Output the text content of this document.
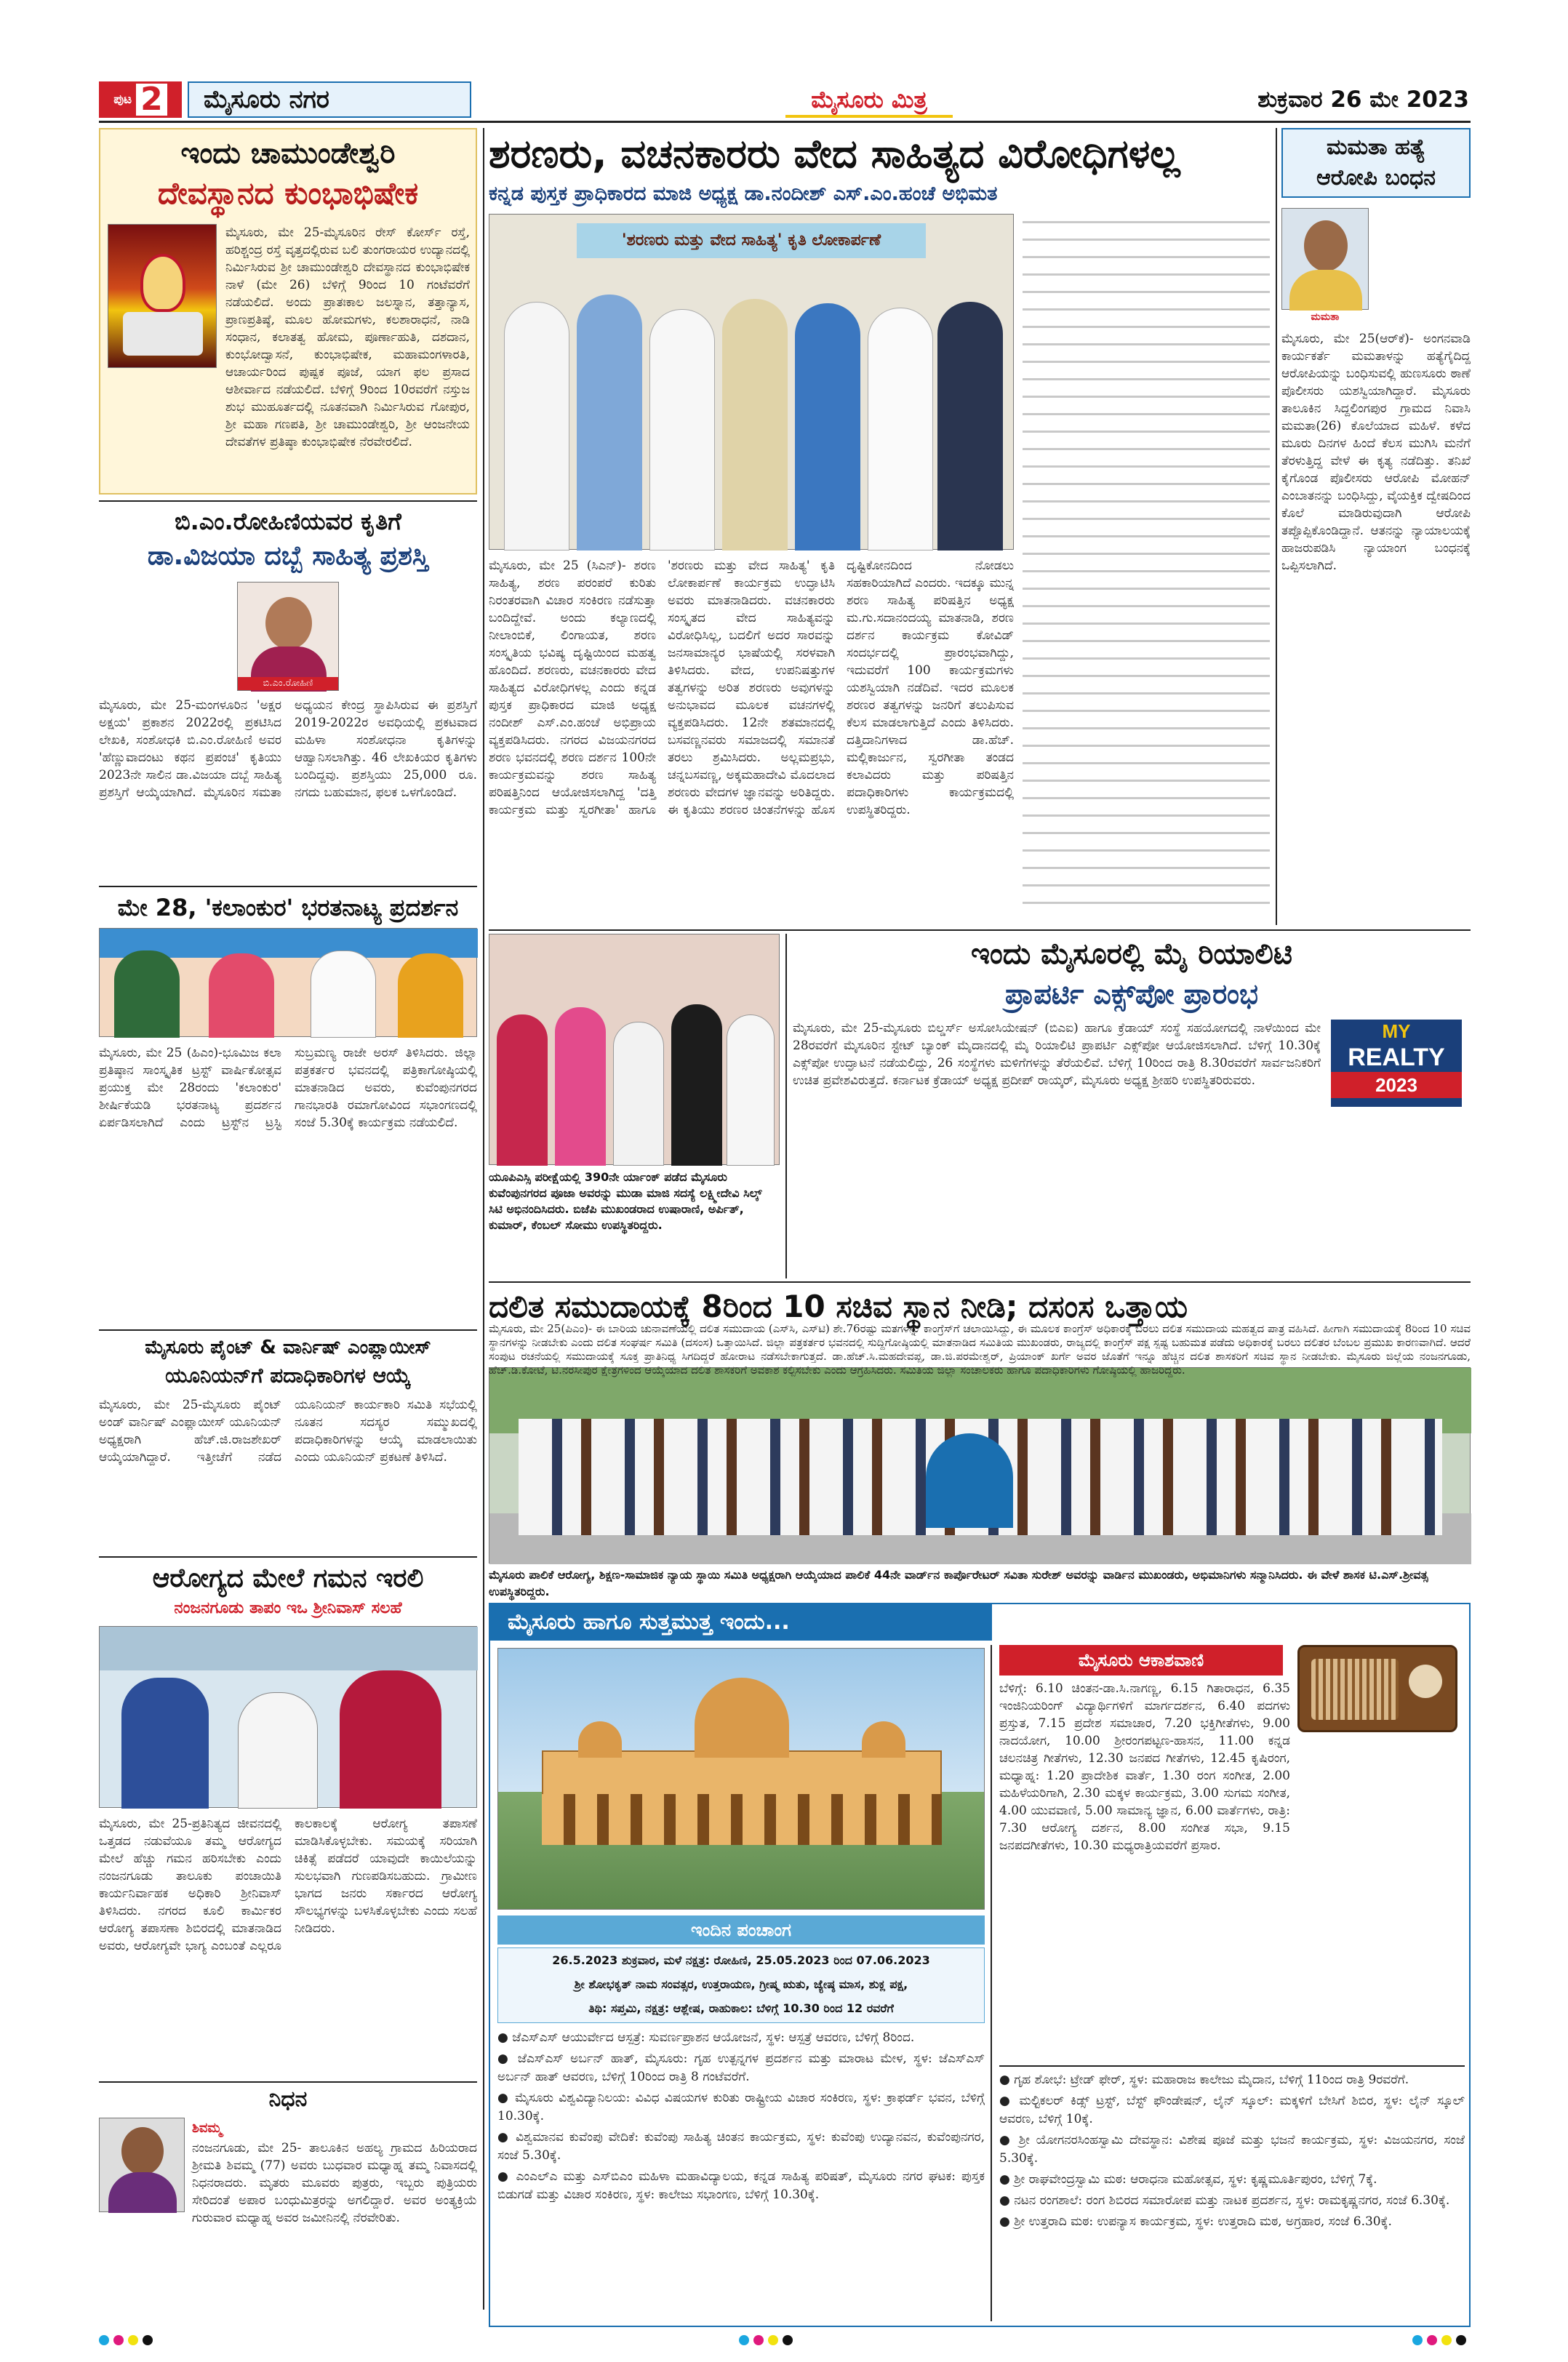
ಪುಟ 2	ಮೈಸೂರು ನಗರ	ಮೈಸೂರು ಮಿತ್ರ	ಶುಕ್ರವಾರ 26 ಮೇ 2023
ಇಂದು ಚಾಮುಂಡೇಶ್ವರಿ
ದೇವಸ್ಥಾನದ ಕುಂಭಾಭಿಷೇಕ
ಮೈಸೂರು, ಮೇ 25-ಮೈಸೂರಿನ ರೇಸ್ ಕೋರ್ಸ್ ರಸ್ತೆ, ಹರಿಶ್ಚಂದ್ರ ರಸ್ತೆ ವೃತ್ತದಲ್ಲಿರುವ ಬಲಿ ತುಂಗರಾಯರ ಉದ್ಯಾನದಲ್ಲಿ ನಿರ್ಮಿಸಿರುವ ಶ್ರೀ ಚಾಮುಂಡೇಶ್ವರಿ ದೇವಸ್ಥಾನದ ಕುಂಭಾಭಿಷೇಕ ನಾಳೆ (ಮೇ 26) ಬೆಳಿಗ್ಗೆ 9ರಿಂದ 10 ಗಂಟೆವರೆಗೆ ನಡೆಯಲಿದೆ. ಅಂದು ಪ್ರಾತಃಕಾಲ ಜಲಸ್ನಾನ, ತತ್ತಾನ್ಯಾಸ, ಪ್ರಾಣಪ್ರತಿಷ್ಠೆ, ಮೂಲ ಹೋಮಗಳು, ಕಲಶಾರಾಧನೆ, ನಾಡಿ ಸಂಧಾನ, ಕಲಾತತ್ವ ಹೋಮ, ಪೂರ್ಣಾಹುತಿ, ದಶದಾನ, ಕುಂಭೋದ್ವಾಸನೆ, ಕುಂಭಾಭಿಷೇಕ, ಮಹಾಮಂಗಳಾರತಿ, ಆಚಾರ್ಯರಿಂದ ಪುಷ್ಪಕ ಪೂಜೆ, ಯಾಗ ಫಲ ಪ್ರಸಾದ ಆಶೀರ್ವಾದ ನಡೆಯಲಿದೆ. ಬೆಳಿಗ್ಗೆ 9ರಿಂದ 10ರವರೆಗೆ ನಸ್ತುಜ ಶುಭ ಮುಹೂರ್ತದಲ್ಲಿ ನೂತನವಾಗಿ ನಿರ್ಮಿಸಿರುವ ಗೋಪುರ, ಶ್ರೀ ಮಹಾ ಗಣಪತಿ, ಶ್ರೀ ಚಾಮುಂಡೇಶ್ವರಿ, ಶ್ರೀ ಆಂಜನೇಯ ದೇವತೆಗಳ ಪ್ರತಿಷ್ಠಾ ಕುಂಭಾಭಿಷೇಕ ನೆರವೇರಲಿದೆ.
ಬಿ.ಎಂ.ರೋಹಿಣಿಯವರ ಕೃತಿಗೆ
ಡಾ.ವಿಜಯಾ ದಬ್ಬೆ ಸಾಹಿತ್ಯ ಪ್ರಶಸ್ತಿ
ಬಿ.ಎಂ.ರೋಹಿಣಿ
ಮೈಸೂರು, ಮೇ 25-ಮಂಗಳೂರಿನ 'ಅಕ್ಷರ ಅಕ್ಷಯ' ಪ್ರಕಾಶನ 2022ರಲ್ಲಿ ಪ್ರಕಟಿಸಿದ ಲೇಖಕಿ, ಸಂಶೋಧಕಿ ಬಿ.ಎಂ.ರೋಹಿಣಿ ಅವರ 'ಹೆಣ್ಣುವಾದಂಟು ಕಥನ ಪ್ರಪಂಚ' ಕೃತಿಯು 2023ನೇ ಸಾಲಿನ ಡಾ.ವಿಜಯಾ ದಬ್ಬೆ ಸಾಹಿತ್ಯ ಪ್ರಶಸ್ತಿಗೆ ಆಯ್ಕೆಯಾಗಿದೆ. ಮೈಸೂರಿನ ಸಮತಾ ಅಧ್ಯಯನ ಕೇಂದ್ರ ಸ್ಥಾಪಿಸಿರುವ ಈ ಪ್ರಶಸ್ತಿಗೆ 2019-2022ರ ಅವಧಿಯಲ್ಲಿ ಪ್ರಕಟವಾದ ಮಹಿಳಾ ಸಂಶೋಧನಾ ಕೃತಿಗಳನ್ನು ಆಹ್ವಾನಿಸಲಾಗಿತ್ತು. 46 ಲೇಖಕಿಯರ ಕೃತಿಗಳು ಬಂದಿದ್ದವು. ಪ್ರಶಸ್ತಿಯು 25,000 ರೂ. ನಗದು ಬಹುಮಾನ, ಫಲಕ ಒಳಗೊಂಡಿದೆ.
ಮೇ 28, 'ಕಲಾಂಕುರ' ಭರತನಾಟ್ಯ ಪ್ರದರ್ಶನ
ಮೈಸೂರು, ಮೇ 25 (ಹಿಎಂ)-ಭೂಮಿಜ ಕಲಾ ಪ್ರತಿಷ್ಠಾನ ಸಾಂಸ್ಕೃತಿಕ ಟ್ರಸ್ಟ್ ವಾರ್ಷಿಕೋತ್ಸವ ಪ್ರಯುಕ್ತ ಮೇ 28ರಂದು 'ಕಲಾಂಕುರ' ಶೀರ್ಷಿಕೆಯಡಿ ಭರತನಾಟ್ಯ ಪ್ರದರ್ಶನ ಏರ್ಪಡಿಸಲಾಗಿದೆ ಎಂದು ಟ್ರಸ್ಟ್‌ನ ಟ್ರಸ್ಟಿ ಸುಬ್ರಮಣ್ಯ ರಾಜೇ ಅರಸ್ ತಿಳಿಸಿದರು. ಜಿಲ್ಲಾ ಪತ್ರಕರ್ತರ ಭವನದಲ್ಲಿ ಪತ್ರಿಕಾಗೋಷ್ಠಿಯಲ್ಲಿ ಮಾತನಾಡಿದ ಅವರು, ಕುವೆಂಪುನಗರದ ಗಾನಭಾರತಿ ರಮಾಗೋವಿಂದ ಸಭಾಂಗಣದಲ್ಲಿ ಸಂಜೆ 5.30ಕ್ಕೆ ಕಾರ್ಯಕ್ರಮ ನಡೆಯಲಿದೆ.
ಮೈಸೂರು ಪೈಂಟ್ & ವಾರ್ನಿಷ್ ಎಂಪ್ಲಾಯೀಸ್
ಯೂನಿಯನ್‌ಗೆ ಪದಾಧಿಕಾರಿಗಳ ಆಯ್ಕೆ
ಮೈಸೂರು, ಮೇ 25-ಮೈಸೂರು ಪೈಂಟ್ ಅಂಡ್ ವಾರ್ನಿಷ್ ಎಂಪ್ಲಾಯೀಸ್ ಯೂನಿಯನ್ ಅಧ್ಯಕ್ಷರಾಗಿ ಹೆಚ್.ಜಿ.ರಾಜಶೇಖರ್ ಆಯ್ಕೆಯಾಗಿದ್ದಾರೆ. ಇತ್ತೀಚೆಗೆ ನಡೆದ ಯೂನಿಯನ್ ಕಾರ್ಯಕಾರಿ ಸಮಿತಿ ಸಭೆಯಲ್ಲಿ ನೂತನ ಸದಸ್ಯರ ಸಮ್ಮುಖದಲ್ಲಿ ಪದಾಧಿಕಾರಿಗಳನ್ನು ಆಯ್ಕೆ ಮಾಡಲಾಯಿತು ಎಂದು ಯೂನಿಯನ್ ಪ್ರಕಟಣೆ ತಿಳಿಸಿದೆ.
ಆರೋಗ್ಯದ ಮೇಲೆ ಗಮನ ಇರಲಿ
ನಂಜನಗೂಡು ತಾಪಂ ಇಒ ಶ್ರೀನಿವಾಸ್ ಸಲಹೆ
ಮೈಸೂರು, ಮೇ 25-ಪ್ರತಿನಿತ್ಯದ ಜೀವನದಲ್ಲಿ ಒತ್ತಡದ ನಡುವೆಯೂ ತಮ್ಮ ಆರೋಗ್ಯದ ಮೇಲೆ ಹೆಚ್ಚು ಗಮನ ಹರಿಸಬೇಕು ಎಂದು ನಂಜನಗೂಡು ತಾಲೂಕು ಪಂಚಾಯಿತಿ ಕಾರ್ಯನಿರ್ವಾಹಕ ಅಧಿಕಾರಿ ಶ್ರೀನಿವಾಸ್ ತಿಳಿಸಿದರು. ನಗರದ ಕೂಲಿ ಕಾರ್ಮಿಕರ ಆರೋಗ್ಯ ತಪಾಸಣಾ ಶಿಬಿರದಲ್ಲಿ ಮಾತನಾಡಿದ ಅವರು, ಆರೋಗ್ಯವೇ ಭಾಗ್ಯ ಎಂಬಂತೆ ಎಲ್ಲರೂ ಕಾಲಕಾಲಕ್ಕೆ ಆರೋಗ್ಯ ತಪಾಸಣೆ ಮಾಡಿಸಿಕೊಳ್ಳಬೇಕು. ಸಮಯಕ್ಕೆ ಸರಿಯಾಗಿ ಚಿಕಿತ್ಸೆ ಪಡೆದರೆ ಯಾವುದೇ ಕಾಯಿಲೆಯನ್ನು ಸುಲಭವಾಗಿ ಗುಣಪಡಿಸಬಹುದು. ಗ್ರಾಮೀಣ ಭಾಗದ ಜನರು ಸರ್ಕಾರದ ಆರೋಗ್ಯ ಸೌಲಭ್ಯಗಳನ್ನು ಬಳಸಿಕೊಳ್ಳಬೇಕು ಎಂದು ಸಲಹೆ ನೀಡಿದರು.
ನಿಧನ
ಶಿವಮ್ಮ
ನಂಜನಗೂಡು, ಮೇ 25- ತಾಲೂಕಿನ ಅಹಲ್ಯ ಗ್ರಾಮದ ಹಿರಿಯರಾದ ಶ್ರೀಮತಿ ಶಿವಮ್ಮ (77) ಅವರು ಬುಧವಾರ ಮಧ್ಯಾಹ್ನ ತಮ್ಮ ನಿವಾಸದಲ್ಲಿ ನಿಧನರಾದರು. ಮೃತರು ಮೂವರು ಪುತ್ರರು, ಇಬ್ಬರು ಪುತ್ರಿಯರು ಸೇರಿದಂತೆ ಅಪಾರ ಬಂಧುಮಿತ್ರರನ್ನು ಅಗಲಿದ್ದಾರೆ. ಅವರ ಅಂತ್ಯಕ್ರಿಯೆ ಗುರುವಾರ ಮಧ್ಯಾಹ್ನ ಅವರ ಜಮೀನಿನಲ್ಲಿ ನೆರವೇರಿತು.
ಶರಣರು, ವಚನಕಾರರು ವೇದ ಸಾಹಿತ್ಯದ ವಿರೋಧಿಗಳಲ್ಲ
ಕನ್ನಡ ಪುಸ್ತಕ ಪ್ರಾಧಿಕಾರದ ಮಾಜಿ ಅಧ್ಯಕ್ಷ ಡಾ.ನಂದೀಶ್ ಎಸ್.ಎಂ.ಹಂಚೆ ಅಭಿಮತ
'ಶರಣರು ಮತ್ತು ವೇದ ಸಾಹಿತ್ಯ' ಕೃತಿ ಲೋಕಾರ್ಪಣೆ
ಮೈಸೂರು, ಮೇ 25 (ಸಿಎನ್)- ಶರಣ ಸಾಹಿತ್ಯ, ಶರಣ ಪರಂಪರೆ ಕುರಿತು ನಿರಂತರವಾಗಿ ವಿಚಾರ ಸಂಕಿರಣ ನಡೆಸುತ್ತಾ ಬಂದಿದ್ದೇವೆ. ಅಂದು ಕಲ್ಯಾಣದಲ್ಲಿ ನೀಲಾಂಬಿಕೆ, ಲಿಂಗಾಯತ, ಶರಣ ಸಂಸ್ಕೃತಿಯ ಭವಿಷ್ಯ ದೃಷ್ಟಿಯಿಂದ ಮಹತ್ವ ಹೊಂದಿದೆ. ಶರಣರು, ವಚನಕಾರರು ವೇದ ಸಾಹಿತ್ಯದ ವಿರೋಧಿಗಳಲ್ಲ ಎಂದು ಕನ್ನಡ ಪುಸ್ತಕ ಪ್ರಾಧಿಕಾರದ ಮಾಜಿ ಅಧ್ಯಕ್ಷ ನಂದೀಶ್ ಎಸ್.ಎಂ.ಹಂಚೆ ಅಭಿಪ್ರಾಯ ವ್ಯಕ್ತಪಡಿಸಿದರು. ನಗರದ ವಿಜಯನಗರದ ಶರಣ ಭವನದಲ್ಲಿ ಶರಣ ದರ್ಶನ 100ನೇ ಕಾರ್ಯಕ್ರಮವನ್ನು ಶರಣ ಸಾಹಿತ್ಯ ಪರಿಷತ್ತಿನಿಂದ ಆಯೋಜಿಸಲಾಗಿದ್ದ 'ದತ್ತಿ ಕಾರ್ಯಕ್ರಮ ಮತ್ತು ಸ್ವರಗೀತಾ' ಹಾಗೂ 'ಶರಣರು ಮತ್ತು ವೇದ ಸಾಹಿತ್ಯ' ಕೃತಿ ಲೋಕಾರ್ಪಣೆ ಕಾರ್ಯಕ್ರಮ ಉದ್ಘಾಟಿಸಿ ಅವರು ಮಾತನಾಡಿದರು. ವಚನಕಾರರು ಸಂಸ್ಕೃತದ ವೇದ ಸಾಹಿತ್ಯವನ್ನು ವಿರೋಧಿಸಿಲ್ಲ, ಬದಲಿಗೆ ಅದರ ಸಾರವನ್ನು ಜನಸಾಮಾನ್ಯರ ಭಾಷೆಯಲ್ಲಿ ಸರಳವಾಗಿ ತಿಳಿಸಿದರು. ವೇದ, ಉಪನಿಷತ್ತುಗಳ ತತ್ವಗಳನ್ನು ಅರಿತ ಶರಣರು ಅವುಗಳನ್ನು ಅನುಭಾವದ ಮೂಲಕ ವಚನಗಳಲ್ಲಿ ವ್ಯಕ್ತಪಡಿಸಿದರು. 12ನೇ ಶತಮಾನದಲ್ಲಿ ಬಸವಣ್ಣನವರು ಸಮಾಜದಲ್ಲಿ ಸಮಾನತೆ ತರಲು ಶ್ರಮಿಸಿದರು. ಅಲ್ಲಮಪ್ರಭು, ಚನ್ನಬಸವಣ್ಣ, ಅಕ್ಕಮಹಾದೇವಿ ಮೊದಲಾದ ಶರಣರು ವೇದಗಳ ಜ್ಞಾನವನ್ನು ಅರಿತಿದ್ದರು. ಈ ಕೃತಿಯು ಶರಣರ ಚಿಂತನೆಗಳನ್ನು ಹೊಸ ದೃಷ್ಟಿಕೋನದಿಂದ ನೋಡಲು ಸಹಕಾರಿಯಾಗಿದೆ ಎಂದರು. ಇದಕ್ಕೂ ಮುನ್ನ ಶರಣ ಸಾಹಿತ್ಯ ಪರಿಷತ್ತಿನ ಅಧ್ಯಕ್ಷ ಮ.ಗು.ಸದಾನಂದಯ್ಯ ಮಾತನಾಡಿ, ಶರಣ ದರ್ಶನ ಕಾರ್ಯಕ್ರಮ ಕೋವಿಡ್ ಸಂದರ್ಭದಲ್ಲಿ ಪ್ರಾರಂಭವಾಗಿದ್ದು, ಇದುವರೆಗೆ 100 ಕಾರ್ಯಕ್ರಮಗಳು ಯಶಸ್ವಿಯಾಗಿ ನಡೆದಿವೆ. ಇದರ ಮೂಲಕ ಶರಣರ ತತ್ವಗಳನ್ನು ಜನರಿಗೆ ತಲುಪಿಸುವ ಕೆಲಸ ಮಾಡಲಾಗುತ್ತಿದೆ ಎಂದು ತಿಳಿಸಿದರು. ದತ್ತಿದಾನಿಗಳಾದ ಡಾ.ಹೆಚ್. ಮಲ್ಲಿಕಾರ್ಜುನ, ಸ್ವರಗೀತಾ ತಂಡದ ಕಲಾವಿದರು ಮತ್ತು ಪರಿಷತ್ತಿನ ಪದಾಧಿಕಾರಿಗಳು ಕಾರ್ಯಕ್ರಮದಲ್ಲಿ ಉಪಸ್ಥಿತರಿದ್ದರು.
ಮಮತಾ ಹತ್ಯೆ
ಆರೋಪಿ ಬಂಧನ
ಮಮತಾ
ಮೈಸೂರು, ಮೇ 25(ಆರ್‌ಕೆ)- ಅಂಗನವಾಡಿ ಕಾರ್ಯಕರ್ತೆ ಮಮತಾಳನ್ನು ಹತ್ಯೆಗೈದಿದ್ದ ಆರೋಪಿಯನ್ನು ಬಂಧಿಸುವಲ್ಲಿ ಹುಣಸೂರು ಠಾಣೆ ಪೊಲೀಸರು ಯಶಸ್ವಿಯಾಗಿದ್ದಾರೆ. ಮೈಸೂರು ತಾಲೂಕಿನ ಸಿದ್ದಲಿಂಗಪುರ ಗ್ರಾಮದ ನಿವಾಸಿ ಮಮತಾ(26) ಕೊಲೆಯಾದ ಮಹಿಳೆ. ಕಳೆದ ಮೂರು ದಿನಗಳ ಹಿಂದೆ ಕೆಲಸ ಮುಗಿಸಿ ಮನೆಗೆ ತೆರಳುತ್ತಿದ್ದ ವೇಳೆ ಈ ಕೃತ್ಯ ನಡೆದಿತ್ತು. ತನಿಖೆ ಕೈಗೊಂಡ ಪೊಲೀಸರು ಆರೋಪಿ ಮೋಹನ್ ಎಂಬಾತನನ್ನು ಬಂಧಿಸಿದ್ದು, ವೈಯಕ್ತಿಕ ದ್ವೇಷದಿಂದ ಕೊಲೆ ಮಾಡಿರುವುದಾಗಿ ಆರೋಪಿ ತಪ್ಪೊಪ್ಪಿಕೊಂಡಿದ್ದಾನೆ. ಆತನನ್ನು ನ್ಯಾಯಾಲಯಕ್ಕೆ ಹಾಜರುಪಡಿಸಿ ನ್ಯಾಯಾಂಗ ಬಂಧನಕ್ಕೆ ಒಪ್ಪಿಸಲಾಗಿದೆ.
ಯೂಪಿಎಸ್ಸಿ ಪರೀಕ್ಷೆಯಲ್ಲಿ 390ನೇ ರ್ಯಾಂಕ್ ಪಡೆದ ಮೈಸೂರು ಕುವೆಂಪುನಗರದ ಪೂಜಾ ಅವರನ್ನು ಮುಡಾ ಮಾಜಿ ಸದಸ್ಯೆ ಲಕ್ಷ್ಮೀದೇವಿ ಸಿಲ್ಕ್ ಸಿಟಿ ಅಭಿನಂದಿಸಿದರು. ಬಿಜೆಪಿ ಮುಖಂಡರಾದ ಉಷಾರಾಣಿ, ಅರ್ಪಿತ್, ಕುಮಾರ್, ಕೆಂಬಲ್ ಸೋಮು ಉಪಸ್ಥಿತರಿದ್ದರು.
ಇಂದು ಮೈಸೂರಲ್ಲಿ ಮೈ ರಿಯಾಲಿಟಿ
ಪ್ರಾಪರ್ಟಿ ಎಕ್ಸ್‌ಪೋ ಪ್ರಾರಂಭ
MY
REALTY
2023
ಮೈಸೂರು, ಮೇ 25-ಮೈಸೂರು ಬಿಲ್ಡರ್ಸ್ ಅಸೋಸಿಯೇಷನ್ (ಬಿಎಐ) ಹಾಗೂ ಕ್ರೆಡಾಯ್ ಸಂಸ್ಥೆ ಸಹಯೋಗದಲ್ಲಿ ನಾಳೆಯಿಂದ ಮೇ 28ರವರೆಗೆ ಮೈಸೂರಿನ ಸ್ಟೇಟ್ ಬ್ಯಾಂಕ್ ಮೈದಾನದಲ್ಲಿ ಮೈ ರಿಯಾಲಿಟಿ ಪ್ರಾಪರ್ಟಿ ಎಕ್ಸ್‌ಪೋ ಆಯೋಜಿಸಲಾಗಿದೆ. ಬೆಳಿಗ್ಗೆ 10.30ಕ್ಕೆ ಎಕ್ಸ್‌ಪೋ ಉದ್ಘಾಟನೆ ನಡೆಯಲಿದ್ದು, 26 ಸಂಸ್ಥೆಗಳು ಮಳಿಗೆಗಳನ್ನು ತೆರೆಯಲಿವೆ. ಬೆಳಿಗ್ಗೆ 10ರಿಂದ ರಾತ್ರಿ 8.30ರವರೆಗೆ ಸಾರ್ವಜನಿಕರಿಗೆ ಉಚಿತ ಪ್ರವೇಶವಿರುತ್ತದೆ. ಕರ್ನಾಟಕ ಕ್ರೆಡಾಯ್ ಅಧ್ಯಕ್ಷ ಪ್ರದೀಪ್ ರಾಯ್ಕರ್, ಮೈಸೂರು ಅಧ್ಯಕ್ಷ ಶ್ರೀಹರಿ ಉಪಸ್ಥಿತರಿರುವರು.
ದಲಿತ ಸಮುದಾಯಕ್ಕೆ 8ರಿಂದ 10 ಸಚಿವ ಸ್ಥಾನ ನೀಡಿ; ದಸಂಸ ಒತ್ತಾಯ
ಮೈಸೂರು ಪಾಲಿಕೆ ಆರೋಗ್ಯ, ಶಿಕ್ಷಣ-ಸಾಮಾಜಿಕ ನ್ಯಾಯ ಸ್ಥಾಯಿ ಸಮಿತಿ ಅಧ್ಯಕ್ಷರಾಗಿ ಆಯ್ಕೆಯಾದ ಪಾಲಿಕೆ 44ನೇ ವಾರ್ಡ್‌ನ ಕಾರ್ಪೊರೇಟರ್ ಸವಿತಾ ಸುರೇಶ್ ಅವರನ್ನು ವಾರ್ಡಿನ ಮುಖಂಡರು, ಅಭಿಮಾನಿಗಳು ಸನ್ಮಾನಿಸಿದರು. ಈ ವೇಳೆ ಶಾಸಕ ಟಿ.ಎಸ್.ಶ್ರೀವತ್ಸ ಉಪಸ್ಥಿತರಿದ್ದರು.
ಮೈಸೂರು ಹಾಗೂ ಸುತ್ತಮುತ್ತ ಇಂದು...
ಇಂದಿನ ಪಂಚಾಂಗ
26.5.2023 ಶುಕ್ರವಾರ, ಮಳೆ ನಕ್ಷತ್ರ: ರೋಹಿಣಿ, 25.05.2023 ರಿಂದ 07.06.2023
ಶ್ರೀ ಶೋಭಕೃತ್ ನಾಮ ಸಂವತ್ಸರ, ಉತ್ತರಾಯಣ, ಗ್ರೀಷ್ಮ ಋತು, ಜ್ಯೇಷ್ಠ ಮಾಸ, ಶುಕ್ಲ ಪಕ್ಷ,
ತಿಥಿ: ಸಪ್ತಮಿ, ನಕ್ಷತ್ರ: ಆಶ್ಲೇಷ, ರಾಹುಕಾಲ: ಬೆಳಿಗ್ಗೆ 10.30 ರಿಂದ 12 ರವರೆಗೆ
● ಜೆಎಸ್‌ಎಸ್ ಆಯುರ್ವೇದ ಆಸ್ಪತ್ರೆ: ಸುವರ್ಣಪ್ರಾಶನ ಆಯೋಜನೆ, ಸ್ಥಳ: ಆಸ್ಪತ್ರೆ ಆವರಣ, ಬೆಳಿಗ್ಗೆ 8ರಿಂದ.
● ಜೆಎಸ್‌ಎಸ್ ಅರ್ಬನ್ ಹಾತ್, ಮೈಸೂರು: ಗೃಹ ಉತ್ಪನ್ನಗಳ ಪ್ರದರ್ಶನ ಮತ್ತು ಮಾರಾಟ ಮೇಳ, ಸ್ಥಳ: ಜೆಎಸ್‌ಎಸ್ ಅರ್ಬನ್ ಹಾತ್ ಆವರಣ, ಬೆಳಿಗ್ಗೆ 10ರಿಂದ ರಾತ್ರಿ 8 ಗಂಟೆವರೆಗೆ.
● ಮೈಸೂರು ವಿಶ್ವವಿದ್ಯಾನಿಲಯ: ವಿವಿಧ ವಿಷಯಗಳ ಕುರಿತು ರಾಷ್ಟ್ರೀಯ ವಿಚಾರ ಸಂಕಿರಣ, ಸ್ಥಳ: ಕ್ರಾಫರ್ಡ್ ಭವನ, ಬೆಳಿಗ್ಗೆ 10.30ಕ್ಕೆ.
● ವಿಶ್ವಮಾನವ ಕುವೆಂಪು ವೇದಿಕೆ: ಕುವೆಂಪು ಸಾಹಿತ್ಯ ಚಿಂತನ ಕಾರ್ಯಕ್ರಮ, ಸ್ಥಳ: ಕುವೆಂಪು ಉದ್ಯಾನವನ, ಕುವೆಂಪುನಗರ, ಸಂಜೆ 5.30ಕ್ಕೆ.
● ಎಂಎಲ್‌ಎ ಮತ್ತು ಎಸ್‌ಬಿಎಂ ಮಹಿಳಾ ಮಹಾವಿದ್ಯಾಲಯ, ಕನ್ನಡ ಸಾಹಿತ್ಯ ಪರಿಷತ್, ಮೈಸೂರು ನಗರ ಘಟಕ: ಪುಸ್ತಕ ಬಿಡುಗಡೆ ಮತ್ತು ವಿಚಾರ ಸಂಕಿರಣ, ಸ್ಥಳ: ಕಾಲೇಜು ಸಭಾಂಗಣ, ಬೆಳಿಗ್ಗೆ 10.30ಕ್ಕೆ.
ಮೈಸೂರು ಆಕಾಶವಾಣಿ
ಬೆಳಿಗ್ಗೆ: 6.10 ಚಿಂತನ-ಡಾ.ಸಿ.ನಾಗಣ್ಣ, 6.15 ಗಿತಾರಾಧನ, 6.35 ಇಂಜಿನಿಯರಿಂಗ್ ವಿದ್ಯಾರ್ಥಿಗಳಿಗೆ ಮಾರ್ಗದರ್ಶನ, 6.40 ಪದಗಳು ಪ್ರಸ್ತುತ, 7.15 ಪ್ರದೇಶ ಸಮಾಚಾರ, 7.20 ಭಕ್ತಿಗೀತೆಗಳು, 9.00 ನಾದಯೋಗ, 10.00 ಶ್ರೀರಂಗಪಟ್ಟಣ-ಹಾಸನ, 11.00 ಕನ್ನಡ ಚಲನಚಿತ್ರ ಗೀತೆಗಳು, 12.30 ಜನಪದ ಗೀತೆಗಳು, 12.45 ಕೃಷಿರಂಗ, ಮಧ್ಯಾಹ್ನ: 1.20 ಪ್ರಾದೇಶಿಕ ವಾರ್ತೆ, 1.30 ರಂಗ ಸಂಗೀತ, 2.00 ಮಹಿಳೆಯರಿಗಾಗಿ, 2.30 ಮಕ್ಕಳ ಕಾರ್ಯಕ್ರಮ, 3.00 ಸುಗಮ ಸಂಗೀತ, 4.00 ಯುವವಾಣಿ, 5.00 ಸಾಮಾನ್ಯ ಜ್ಞಾನ, 6.00 ವಾರ್ತೆಗಳು, ರಾತ್ರಿ: 7.30 ಆರೋಗ್ಯ ದರ್ಶನ, 8.00 ಸಂಗೀತ ಸಭಾ, 9.15 ಜನಪದಗೀತೆಗಳು, 10.30 ಮಧ್ಯರಾತ್ರಿಯವರೆಗೆ ಪ್ರಸಾರ.
● ಗೃಹ ಶೋಭೆ: ಟ್ರೇಡ್ ಫೇರ್, ಸ್ಥಳ: ಮಹಾರಾಜ ಕಾಲೇಜು ಮೈದಾನ, ಬೆಳಿಗ್ಗೆ 11ರಿಂದ ರಾತ್ರಿ 9ರವರೆಗೆ.
● ಮಲ್ಟಿಕಲರ್ ಕಿಡ್ಸ್ ಟ್ರಸ್ಟ್, ಬೆಸ್ಟ್ ಫೌಂಡೇಷನ್, ಲೈನ್ ಸ್ಕೂಲ್: ಮಕ್ಕಳಿಗೆ ಬೇಸಿಗೆ ಶಿಬಿರ, ಸ್ಥಳ: ಲೈನ್ ಸ್ಕೂಲ್ ಆವರಣ, ಬೆಳಿಗ್ಗೆ 10ಕ್ಕೆ.
● ಶ್ರೀ ಯೋಗನರಸಿಂಹಸ್ವಾಮಿ ದೇವಸ್ಥಾನ: ವಿಶೇಷ ಪೂಜೆ ಮತ್ತು ಭಜನೆ ಕಾರ್ಯಕ್ರಮ, ಸ್ಥಳ: ವಿಜಯನಗರ, ಸಂಜೆ 5.30ಕ್ಕೆ.
● ಶ್ರೀ ರಾಘವೇಂದ್ರಸ್ವಾಮಿ ಮಠ: ಆರಾಧನಾ ಮಹೋತ್ಸವ, ಸ್ಥಳ: ಕೃಷ್ಣಮೂರ್ತಿಪುರಂ, ಬೆಳಿಗ್ಗೆ 7ಕ್ಕೆ.
● ನಟನ ರಂಗಶಾಲೆ: ರಂಗ ಶಿಬಿರದ ಸಮಾರೋಪ ಮತ್ತು ನಾಟಕ ಪ್ರದರ್ಶನ, ಸ್ಥಳ: ರಾಮಕೃಷ್ಣನಗರ, ಸಂಜೆ 6.30ಕ್ಕೆ.
● ಶ್ರೀ ಉತ್ತರಾದಿ ಮಠ: ಉಪನ್ಯಾಸ ಕಾರ್ಯಕ್ರಮ, ಸ್ಥಳ: ಉತ್ತರಾದಿ ಮಠ, ಅಗ್ರಹಾರ, ಸಂಜೆ 6.30ಕ್ಕೆ.
ಮೈಸೂರು, ಮೇ 25(ಪಿಎಂ)- ಈ ಬಾರಿಯ ಚುನಾವಣೆಯಲ್ಲಿ ದಲಿತ ಸಮುದಾಯ (ಎಸ್‌ಸಿ, ಎಸ್‌ಟಿ) ಶೇ.76ರಷ್ಟು ಮತಗಳನ್ನು ಕಾಂಗ್ರೆಸ್‌ಗೆ ಚಲಾಯಿಸಿದ್ದು, ಈ ಮೂಲಕ ಕಾಂಗ್ರೆಸ್ ಅಧಿಕಾರಕ್ಕೆ ಬರಲು ದಲಿತ ಸಮುದಾಯ ಮಹತ್ವದ ಪಾತ್ರ ವಹಿಸಿದೆ. ಹೀಗಾಗಿ ಸಮುದಾಯಕ್ಕೆ 8ರಿಂದ 10 ಸಚಿವ ಸ್ಥಾನಗಳನ್ನು ನೀಡಬೇಕು ಎಂದು ದಲಿತ ಸಂಘರ್ಷ ಸಮಿತಿ (ದಸಂಸ) ಒತ್ತಾಯಿಸಿದೆ. ಜಿಲ್ಲಾ ಪತ್ರಕರ್ತರ ಭವನದಲ್ಲಿ ಸುದ್ದಿಗೋಷ್ಠಿಯಲ್ಲಿ ಮಾತನಾಡಿದ ಸಮಿತಿಯ ಮುಖಂಡರು, ರಾಜ್ಯದಲ್ಲಿ ಕಾಂಗ್ರೆಸ್ ಪಕ್ಷ ಸ್ಪಷ್ಟ ಬಹುಮತ ಪಡೆದು ಅಧಿಕಾರಕ್ಕೆ ಬರಲು ದಲಿತರ ಬೆಂಬಲ ಪ್ರಮುಖ ಕಾರಣವಾಗಿದೆ. ಆದರೆ ಸಂಪುಟ ರಚನೆಯಲ್ಲಿ ಸಮುದಾಯಕ್ಕೆ ಸೂಕ್ತ ಪ್ರಾತಿನಿಧ್ಯ ಸಿಗದಿದ್ದರೆ ಹೋರಾಟ ನಡೆಸಬೇಕಾಗುತ್ತದೆ. ಡಾ.ಹೆಚ್.ಸಿ.ಮಹದೇವಪ್ಪ, ಡಾ.ಜಿ.ಪರಮೇಶ್ವರ್, ಪ್ರಿಯಾಂಕ್ ಖರ್ಗೆ ಅವರ ಜೊತೆಗೆ ಇನ್ನೂ ಹೆಚ್ಚಿನ ದಲಿತ ಶಾಸಕರಿಗೆ ಸಚಿವ ಸ್ಥಾನ ನೀಡಬೇಕು. ಮೈಸೂರು ಜಿಲ್ಲೆಯ ನಂಜನಗೂಡು, ಹೆಚ್.ಡಿ.ಕೋಟೆ, ಟಿ.ನರಸೀಪುರ ಕ್ಷೇತ್ರಗಳಿಂದ ಆಯ್ಕೆಯಾದ ದಲಿತ ಶಾಸಕರಿಗೆ ಅವಕಾಶ ಕಲ್ಪಿಸಬೇಕು ಎಂದು ಆಗ್ರಹಿಸಿದರು. ಸಮಿತಿಯ ಜಿಲ್ಲಾ ಸಂಚಾಲಕರು ಹಾಗೂ ಪದಾಧಿಕಾರಿಗಳು ಗೋಷ್ಠಿಯಲ್ಲಿ ಹಾಜರಿದ್ದರು.
